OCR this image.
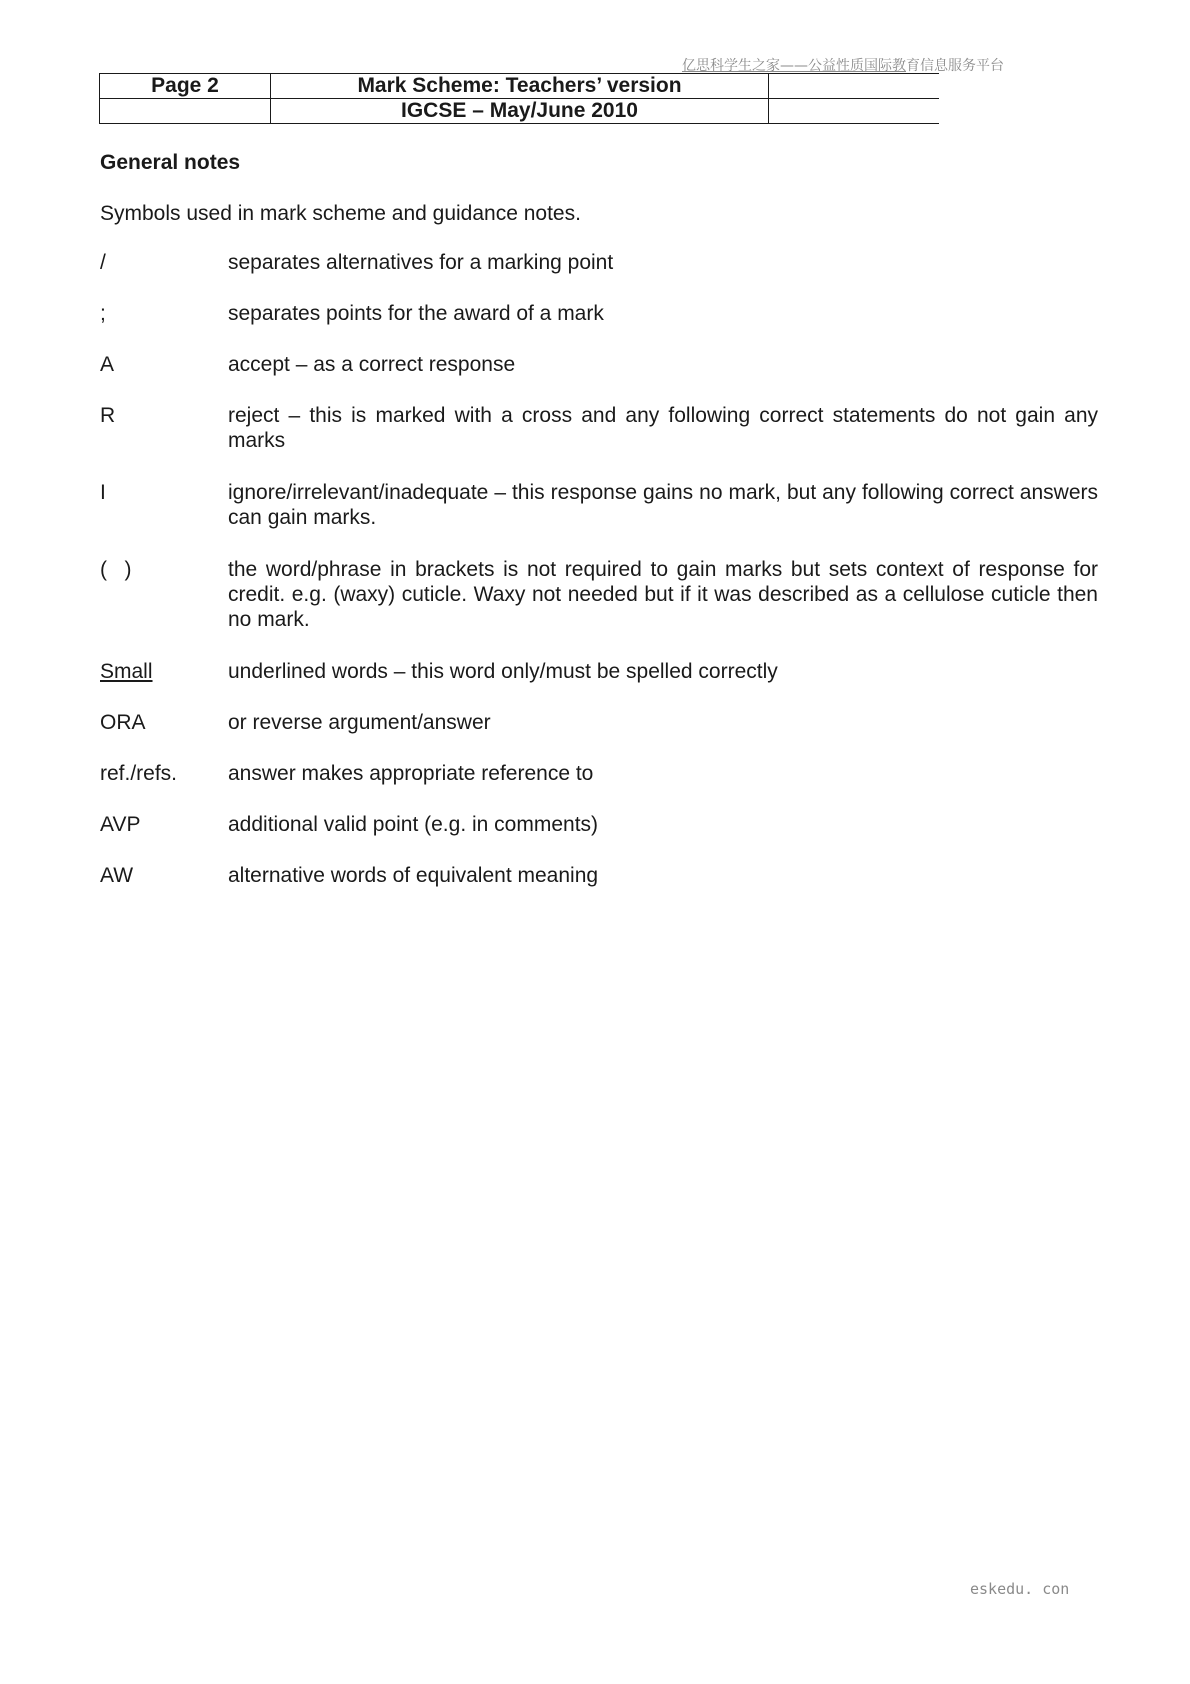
亿思科学生之家——公益性质国际教育信息服务平台
Page 2	Mark Scheme: Teachers’ version	
	IGCSE – May/June 2010	
General notes
Symbols used in mark scheme and guidance notes.
/	separates alternatives for a marking point
;	separates points for the award of a mark
A	accept – as a correct response
R	reject – this is marked with a cross and any following correct statements do not gain any marks
I	ignore/irrelevant/inadequate – this response gains no mark, but any following correct answers can gain marks.
(   )	the word/phrase in brackets is not required to gain marks but sets context of response for credit. e.g. (waxy) cuticle. Waxy not needed but if it was described as a cellulose cuticle then no mark.
Small	underlined words – this word only/must be spelled correctly
ORA	or reverse argument/answer
ref./refs. answer makes appropriate reference to
AVP	additional valid point (e.g. in comments)
AW	alternative words of equivalent meaning
eskedu. con
